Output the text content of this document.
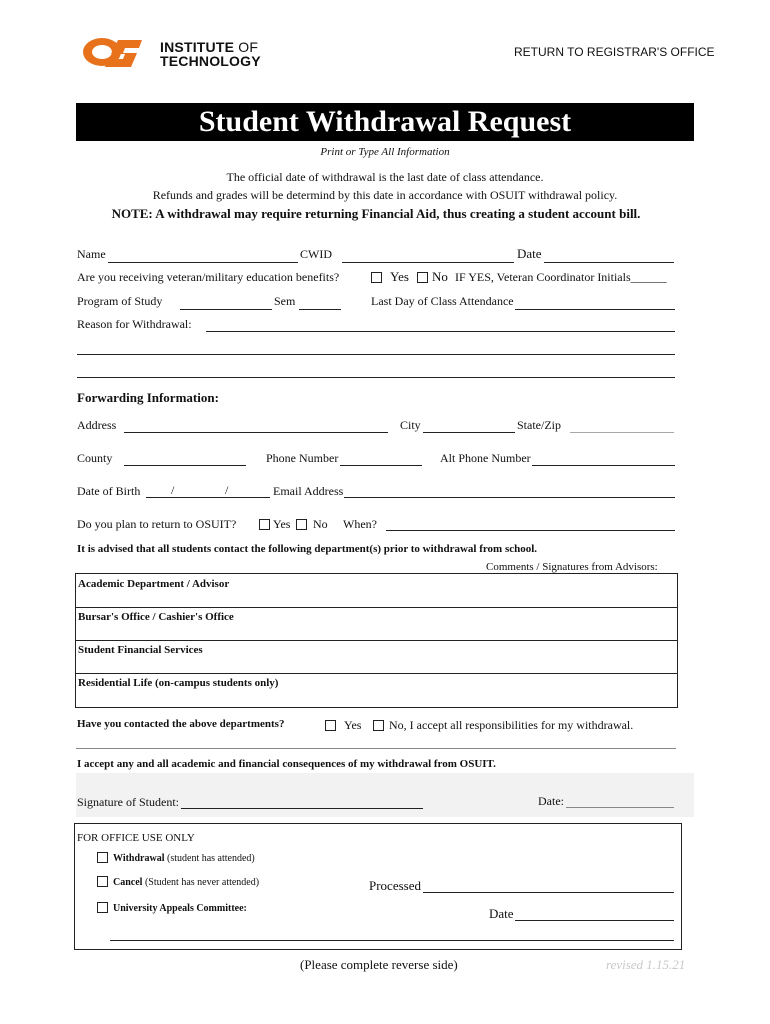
INSTITUTE OF
TECHNOLOGY
RETURN TO REGISTRAR'S OFFICE
Student Withdrawal Request
Print or Type All Information
The official date of withdrawal is the last date of class attendance.
Refunds and grades will be determind by this date in accordance with OSUIT withdrawal policy.
NOTE: A withdrawal may require returning Financial Aid, thus creating a student account bill.
Name	CWID	Date
Are you receiving veteran/military education benefits?	Yes No IF YES, Veteran Coordinator Initials______
Program of Study	Sem	Last Day of Class Attendance
Reason for Withdrawal:
Forwarding Information:
Address	City	State/Zip
County	Phone Number	Alt Phone Number
Date of Birth	/	/	Email Address
Do you plan to return to OSUIT?	Yes No When?
It is advised that all students contact the following department(s) prior to withdrawal from school.
Comments / Signatures from Advisors:
Academic Department / Advisor
Bursar's Office / Cashier's Office
Student Financial Services
Residential Life (on-campus students only)
Have you contacted the above departments?	Yes No, I accept all responsibilities for my withdrawal.
I accept any and all academic and financial consequences of my withdrawal from OSUIT.
Signature of Student:	Date:
FOR OFFICE USE ONLY
Withdrawal (student has attended)
Cancel (Student has never attended)	Processed
University Appeals Committee:	Date
(Please complete reverse side)	revised 1.15.21
